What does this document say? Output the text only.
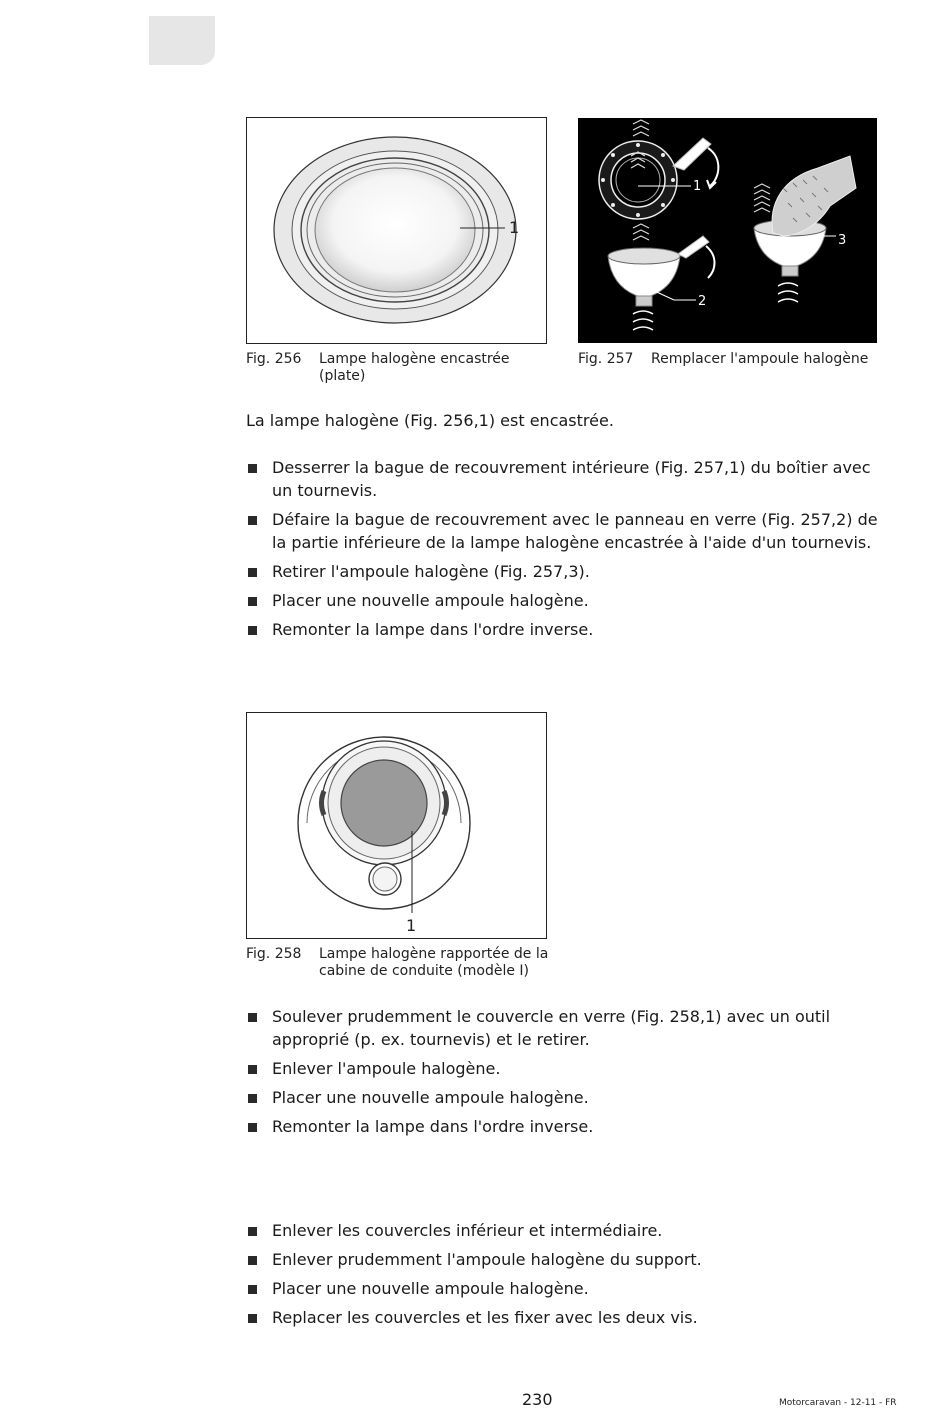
1
1
2
3
Fig. 256 Lampe halogène encastrée (plate)
Fig. 257 Remplacer l'ampoule halogène
La lampe halogène (Fig. 256,1) est encastrée.
Desserrer la bague de recouvrement intérieure (Fig. 257,1) du boîtier avec un tournevis.
Défaire la bague de recouvrement avec le panneau en verre (Fig. 257,2) de la partie inférieure de la lampe halogène encastrée à l'aide d'un tournevis.
Retirer l'ampoule halogène (Fig. 257,3).
Placer une nouvelle ampoule halogène.
Remonter la lampe dans l'ordre inverse.
1
Fig. 258 Lampe halogène rapportée de la cabine de conduite (modèle I)
Soulever prudemment le couvercle en verre (Fig. 258,1) avec un outil approprié (p. ex. tournevis) et le retirer.
Enlever l'ampoule halogène.
Placer une nouvelle ampoule halogène.
Remonter la lampe dans l'ordre inverse.
Enlever les couvercles inférieur et intermédiaire.
Enlever prudemment l'ampoule halogène du support.
Placer une nouvelle ampoule halogène.
Replacer les couvercles et les fixer avec les deux vis.
230	Motorcaravan - 12-11 - FR
